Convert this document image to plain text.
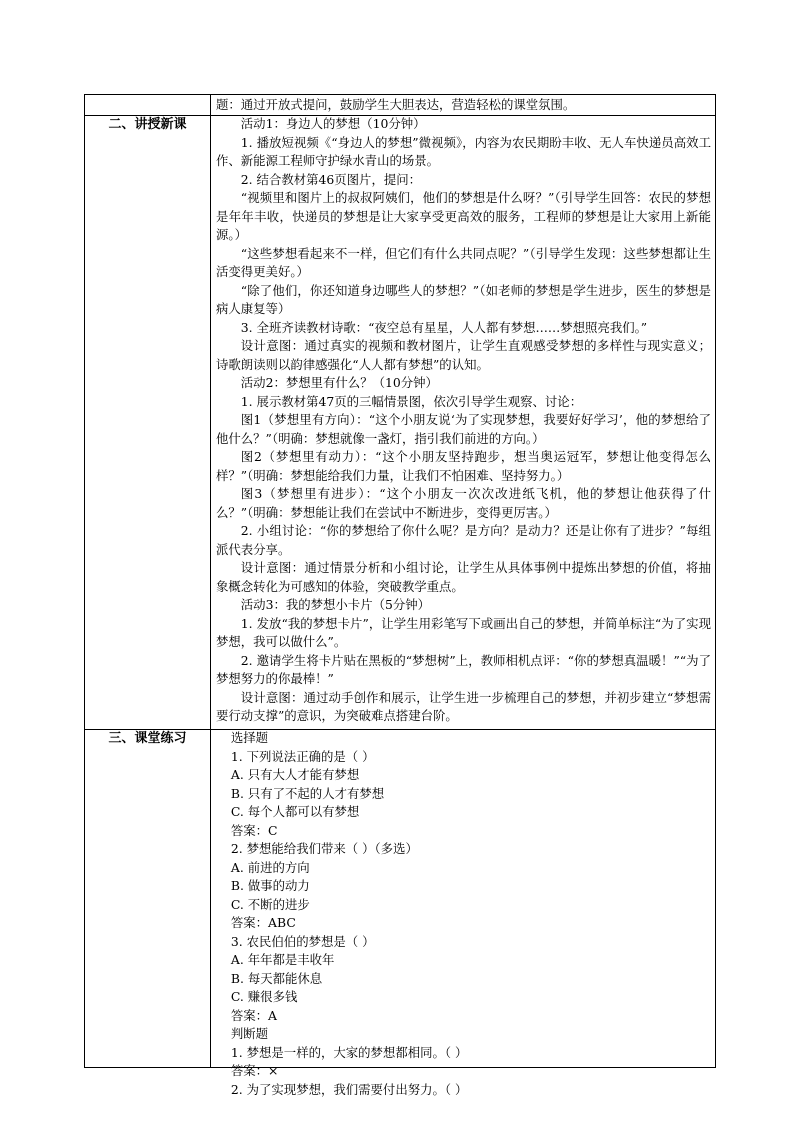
题：通过开放式提问，鼓励学生大胆表达，营造轻松的课堂氛围。

二、讲授新课	活动1：身边人的梦想（10分钟）

1. 播放短视频《“身边人的梦想”微视频》，内容为农民期盼丰收、无人车快递员高效工作、新能源工程师守护绿水青山的场景。

2. 结合教材第46页图片，提问：

“视频里和图片上的叔叔阿姨们，他们的梦想是什么呀？”（引导学生回答：农民的梦想是年年丰收，快递员的梦想是让大家享受更高效的服务，工程师的梦想是让大家用上新能源。）

“这些梦想看起来不一样，但它们有什么共同点呢？”（引导学生发现：这些梦想都让生活变得更美好。）

“除了他们，你还知道身边哪些人的梦想？”（如老师的梦想是学生进步，医生的梦想是病人康复等）

3. 全班齐读教材诗歌：“夜空总有星星，人人都有梦想……梦想照亮我们。”

设计意图：通过真实的视频和教材图片，让学生直观感受梦想的多样性与现实意义；诗歌朗读则以韵律感强化“人人都有梦想”的认知。

活动2：梦想里有什么？（10分钟）

1. 展示教材第47页的三幅情景图，依次引导学生观察、讨论：

图1（梦想里有方向）：“这个小朋友说‘为了实现梦想，我要好好学习’，他的梦想给了他什么？”（明确：梦想就像一盏灯，指引我们前进的方向。）

图2（梦想里有动力）：“这个小朋友坚持跑步，想当奥运冠军，梦想让他变得怎么样？”（明确：梦想能给我们力量，让我们不怕困难、坚持努力。）

图3（梦想里有进步）：“这个小朋友一次次改进纸飞机，他的梦想让他获得了什么？”（明确：梦想能让我们在尝试中不断进步，变得更厉害。）

2. 小组讨论：“你的梦想给了你什么呢？是方向？是动力？还是让你有了进步？”每组派代表分享。

设计意图：通过情景分析和小组讨论，让学生从具体事例中提炼出梦想的价值，将抽象概念转化为可感知的体验，突破教学重点。

活动3：我的梦想小卡片（5分钟）

1. 发放“我的梦想卡片”，让学生用彩笔写下或画出自己的梦想，并简单标注“为了实现梦想，我可以做什么”。

2. 邀请学生将卡片贴在黑板的“梦想树”上，教师相机点评：“你的梦想真温暖！”“为了梦想努力的你最棒！”

设计意图：通过动手创作和展示，让学生进一步梳理自己的梦想，并初步建立“梦想需要行动支撑”的意识，为突破难点搭建台阶。

三、课堂练习	选择题

1. 下列说法正确的是（ ）

A. 只有大人才能有梦想

B. 只有了不起的人才有梦想

C. 每个人都可以有梦想

答案：C

2. 梦想能给我们带来（ ）（多选）

A. 前进的方向

B. 做事的动力

C. 不断的进步

答案：ABC

3. 农民伯伯的梦想是（ ）

A. 年年都是丰收年

B. 每天都能休息

C. 赚很多钱

答案：A

判断题

1. 梦想是一样的，大家的梦想都相同。（ ）

答案：×

2. 为了实现梦想，我们需要付出努力。（ ）
